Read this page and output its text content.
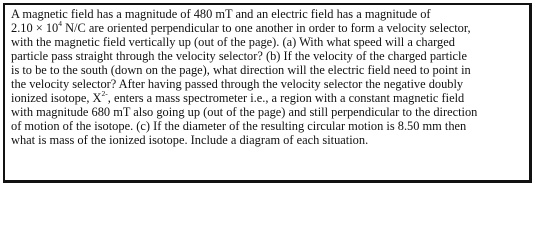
A magnetic field has a magnitude of 480 mT and an electric field has a magnitude of
$2.10 \times 10^4$ N/C are oriented perpendicular to one another in order to form a velocity selector,
with the magnetic field vertically up (out of the page). (a) With what speed will a charged
particle pass straight through the velocity selector? (b) If the velocity of the charged particle
is to be to the south (down on the page), what direction will the electric field need to point in
the velocity selector? After having passed through the velocity selector the negative doubly
ionized isotope, $X^{2-}$, enters a mass spectrometer i.e., a region with a constant magnetic field
with magnitude 680 mT also going up (out of the page) and still perpendicular to the direction
of motion of the isotope. (c) If the diameter of the resulting circular motion is 8.50 mm then
what is mass of the ionized isotope. Include a diagram of each situation.
